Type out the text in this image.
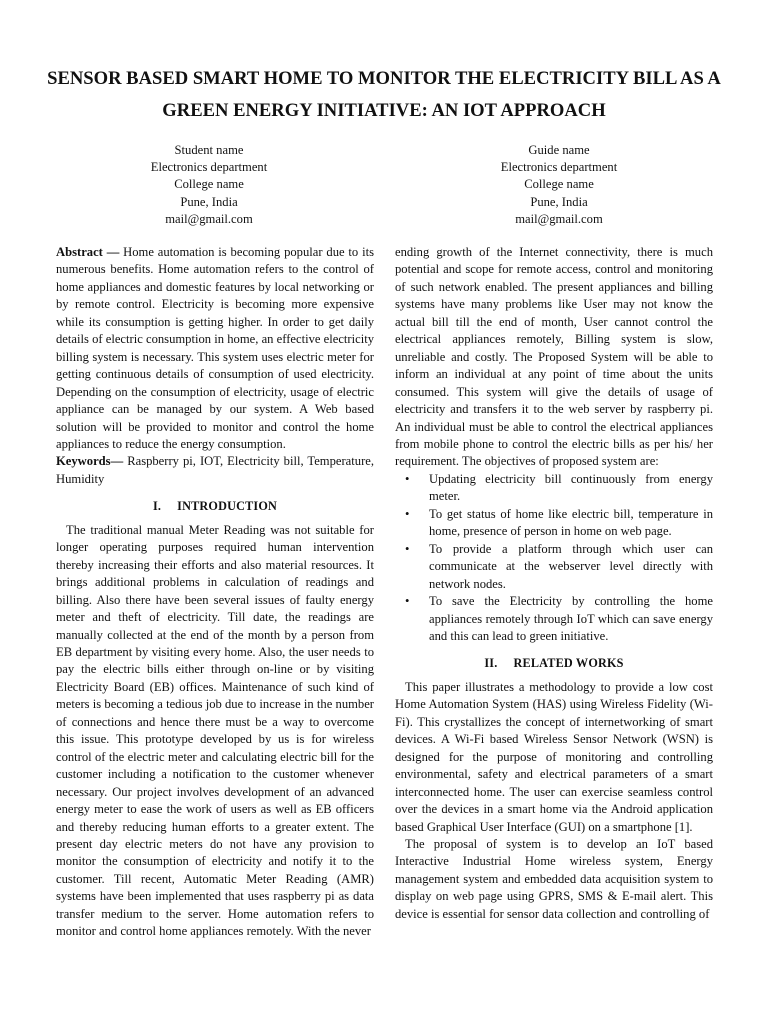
SENSOR BASED SMART HOME TO MONITOR THE ELECTRICITY BILL AS A
GREEN ENERGY INITIATIVE: AN IOT APPROACH
Student name
Electronics department
College name
Pune, India
mail@gmail.com
Guide name
Electronics department
College name
Pune, India
mail@gmail.com

Abstract — Home automation is becoming popular due to its numerous benefits. Home automation refers to the control of home appliances and domestic features by local networking or by remote control. Electricity is becoming more expensive while its consumption is getting higher. In order to get daily details of electric consumption in home, an effective electricity billing system is necessary. This system uses electric meter for getting continuous details of consumption of used electricity. Depending on the consumption of electricity, usage of electric appliance can be managed by our system. A Web based solution will be provided to monitor and control the home appliances to reduce the energy consumption.

Keywords— Raspberry pi, IOT, Electricity bill, Temperature, Humidity

I. INTRODUCTION

The traditional manual Meter Reading was not suitable for longer operating purposes required human intervention thereby increasing their efforts and also material resources. It brings additional problems in calculation of readings and billing. Also there have been several issues of faulty energy meter and theft of electricity. Till date, the readings are manually collected at the end of the month by a person from EB department by visiting every home. Also, the user needs to pay the electric bills either through on-line or by visiting Electricity Board (EB) offices. Maintenance of such kind of meters is becoming a tedious job due to increase in the number of connections and hence there must be a way to overcome this issue. This prototype developed by us is for wireless control of the electric meter and calculating electric bill for the customer including a notification to the customer whenever necessary. Our project involves development of an advanced energy meter to ease the work of users as well as EB officers and thereby reducing human efforts to a greater extent. The present day electric meters do not have any provision to monitor the consumption of electricity and notify it to the customer. Till recent, Automatic Meter Reading (AMR) systems have been implemented that uses raspberry pi as data transfer medium to the server. Home automation refers to monitor and control home appliances remotely. With the never

ending growth of the Internet connectivity, there is much potential and scope for remote access, control and monitoring of such network enabled. The present appliances and billing systems have many problems like User may not know the actual bill till the end of month, User cannot control the electrical appliances remotely, Billing system is slow, unreliable and costly. The Proposed System will be able to inform an individual at any point of time about the units consumed. This system will give the details of usage of electricity and transfers it to the web server by raspberry pi. An individual must be able to control the electrical appliances from mobile phone to control the electric bills as per his/ her requirement. The objectives of proposed system are:

• Updating electricity bill continuously from energy meter.
• To get status of home like electric bill, temperature in home, presence of person in home on web page.
• To provide a platform through which user can communicate at the webserver level directly with network nodes.
• To save the Electricity by controlling the home appliances remotely through IoT which can save energy and this can lead to green initiative.
II. RELATED WORKS

This paper illustrates a methodology to provide a low cost Home Automation System (HAS) using Wireless Fidelity (Wi-Fi). This crystallizes the concept of internetworking of smart devices. A Wi-Fi based Wireless Sensor Network (WSN) is designed for the purpose of monitoring and controlling environmental, safety and electrical parameters of a smart interconnected home. The user can exercise seamless control over the devices in a smart home via the Android application based Graphical User Interface (GUI) on a smartphone [1].

The proposal of system is to develop an IoT based Interactive Industrial Home wireless system, Energy management system and embedded data acquisition system to display on web page using GPRS, SMS & E-mail alert. This device is essential for sensor data collection and controlling of
